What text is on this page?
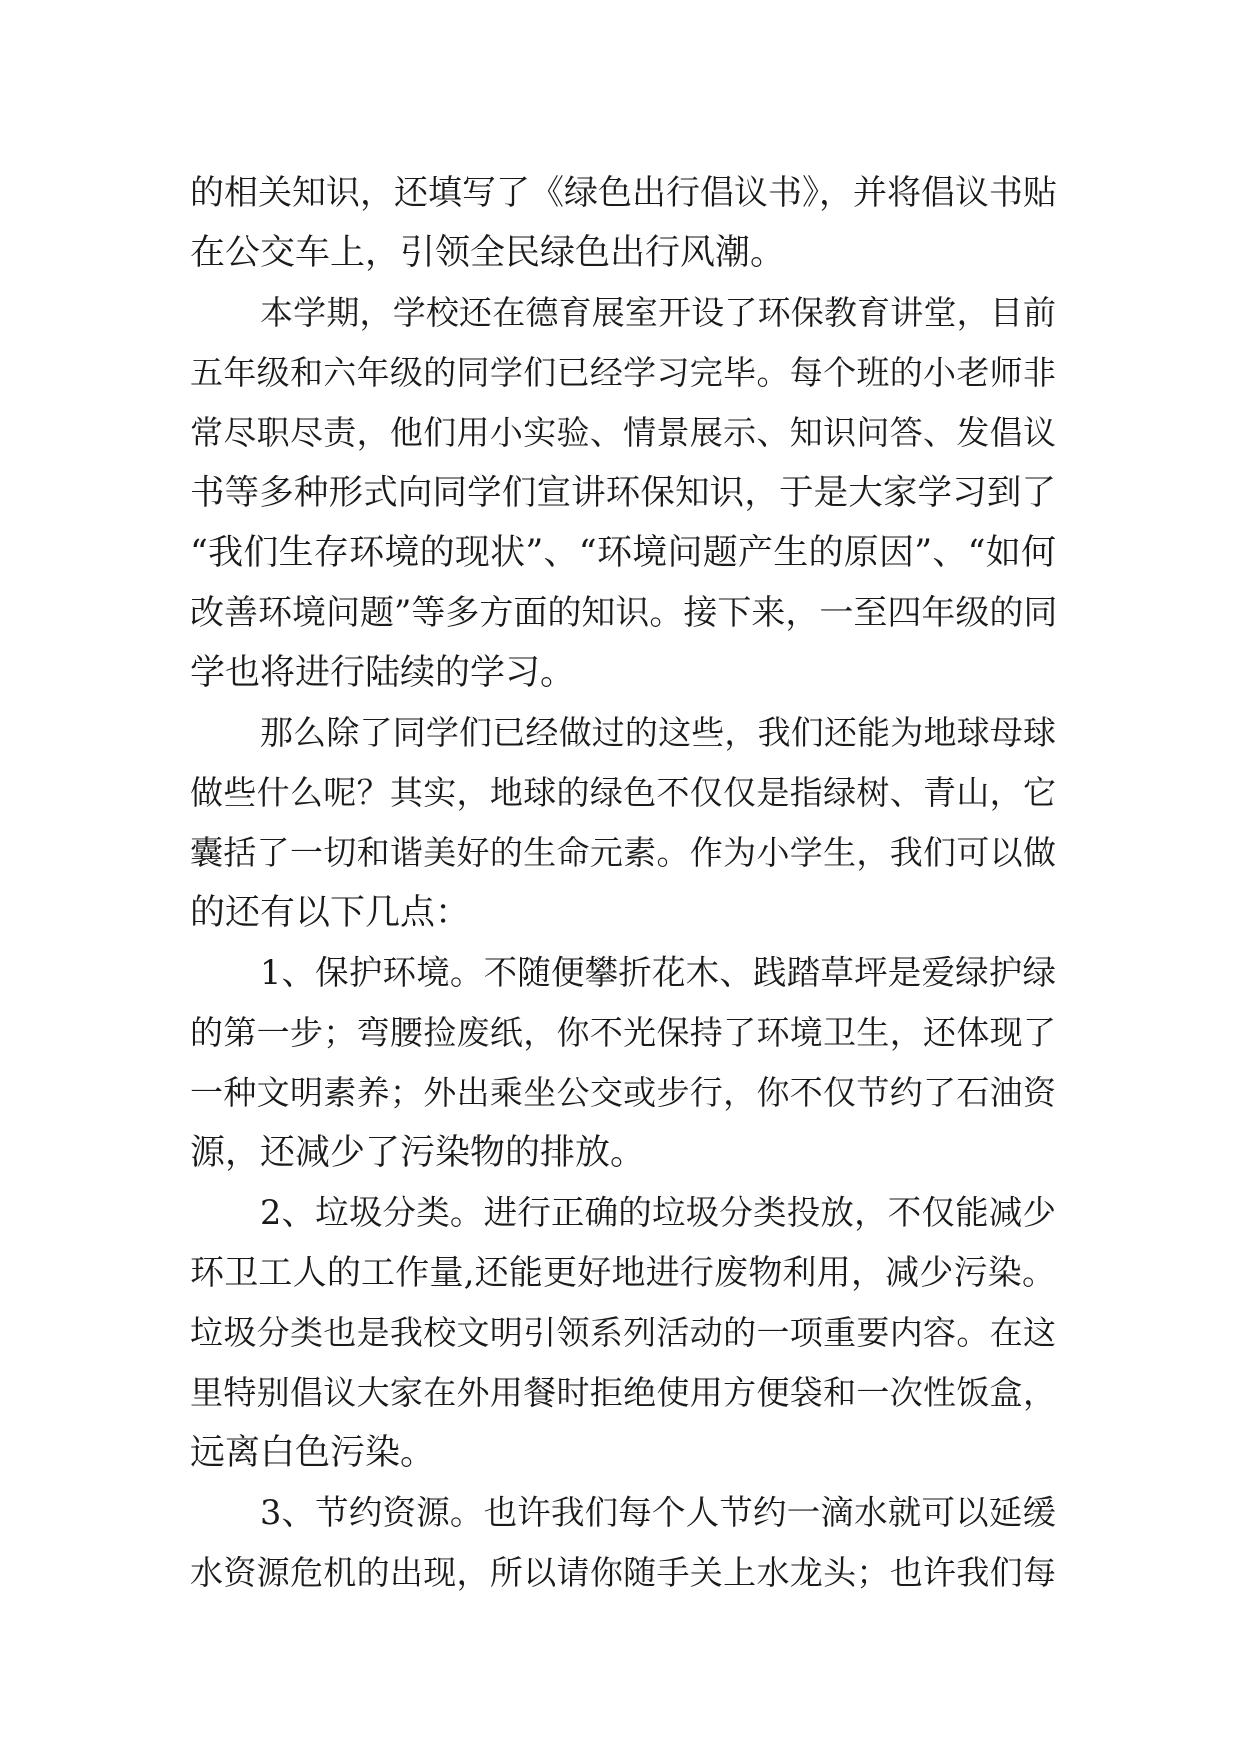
的相关知识，还填写了《绿色出行倡议书》，并将倡议书贴
在公交车上，引领全民绿色出行风潮。
本学期，学校还在德育展室开设了环保教育讲堂，目前
五年级和六年级的同学们已经学习完毕。每个班的小老师非
常尽职尽责，他们用小实验、情景展示、知识问答、发倡议
书等多种形式向同学们宣讲环保知识，于是大家学习到了
“我们生存环境的现状”、“环境问题产生的原因”、“如何
改善环境问题”等多方面的知识。接下来，一至四年级的同
学也将进行陆续的学习。
那么除了同学们已经做过的这些，我们还能为地球母球
做些什么呢？其实，地球的绿色不仅仅是指绿树、青山，它
囊括了一切和谐美好的生命元素。作为小学生，我们可以做
的还有以下几点：
1、保护环境。不随便攀折花木、践踏草坪是爱绿护绿
的第一步；弯腰捡废纸，你不光保持了环境卫生，还体现了
一种文明素养；外出乘坐公交或步行，你不仅节约了石油资
源，还减少了污染物的排放。
2、垃圾分类。进行正确的垃圾分类投放，不仅能减少
环卫工人的工作量,还能更好地进行废物利用，减少污染。
垃圾分类也是我校文明引领系列活动的一项重要内容。在这
里特别倡议大家在外用餐时拒绝使用方便袋和一次性饭盒，
远离白色污染。
3、节约资源。也许我们每个人节约一滴水就可以延缓
水资源危机的出现，所以请你随手关上水龙头；也许我们每
